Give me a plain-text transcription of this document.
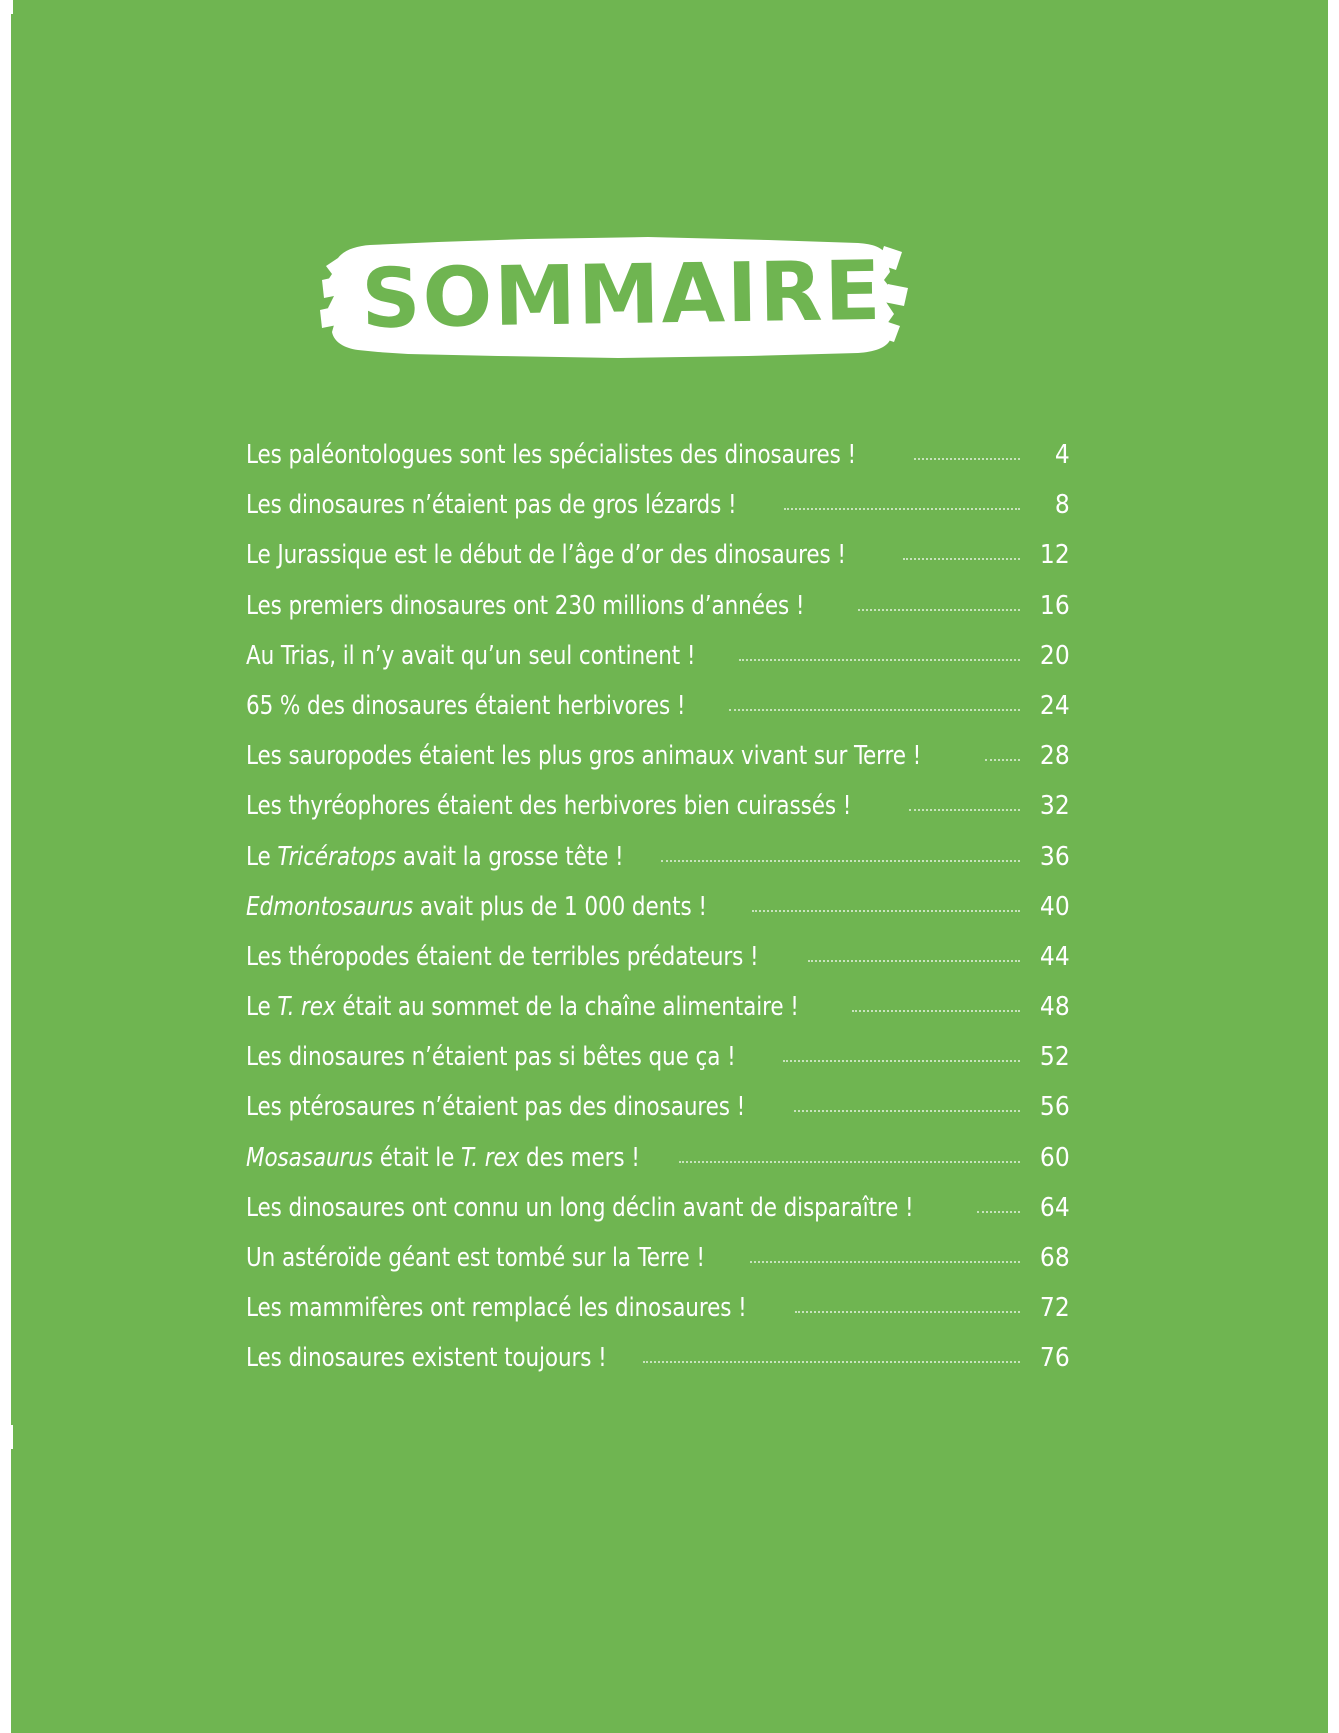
SOMMAIRE
Les paléontologues sont les spécialistes des dinosaures !	4
Les dinosaures n’étaient pas de gros lézards !	8
Le Jurassique est le début de l’âge d’or des dinosaures !	12
Les premiers dinosaures ont 230 millions d’années !	16
Au Trias, il n’y avait qu’un seul continent !	20
65 % des dinosaures étaient herbivores !	24
Les sauropodes étaient les plus gros animaux vivant sur Terre !	28
Les thyréophores étaient des herbivores bien cuirassés !	32
Le Tricératops avait la grosse tête !	36
Edmontosaurus avait plus de 1 000 dents !	40
Les théropodes étaient de terribles prédateurs !	44
Le T. rex était au sommet de la chaîne alimentaire !	48
Les dinosaures n’étaient pas si bêtes que ça !	52
Les ptérosaures n’étaient pas des dinosaures !	56
Mosasaurus était le T. rex des mers !	60
Les dinosaures ont connu un long déclin avant de disparaître !	64
Un astéroïde géant est tombé sur la Terre !	68
Les mammifères ont remplacé les dinosaures !	72
Les dinosaures existent toujours !	76
